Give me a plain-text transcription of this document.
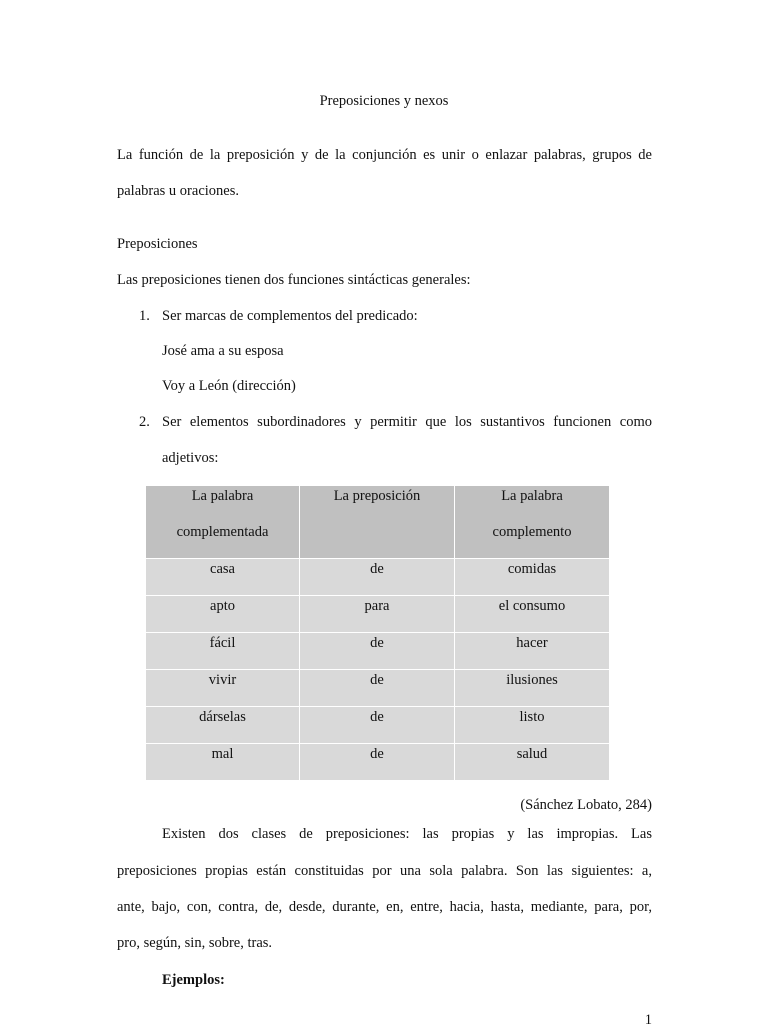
Preposiciones y nexos
La función de la preposición y de la conjunción es unir o enlazar palabras, grupos de
palabras u oraciones.
Preposiciones
Las preposiciones tienen dos funciones sintácticas generales:
1. Ser marcas de complementos del predicado:
José ama a su esposa
Voy a León (dirección)
2. Ser elementos subordinadores y permitir que los sustantivos funcionen como
adjetivos:
La palabra
complementada	La preposición	La palabra
complemento

casa	de	comidas

apto	para	el consumo

fácil	de	hacer

vivir	de	ilusiones

dárselas	de	listo

mal	de	salud
(Sánchez Lobato, 284)
Existen dos clases de preposiciones: las propias y las impropias. Las
preposiciones propias están constituidas por una sola palabra. Son las siguientes: a,
ante, bajo, con, contra, de, desde, durante, en, entre, hacia, hasta, mediante, para, por,
pro, según, sin, sobre, tras.
Ejemplos:
1
